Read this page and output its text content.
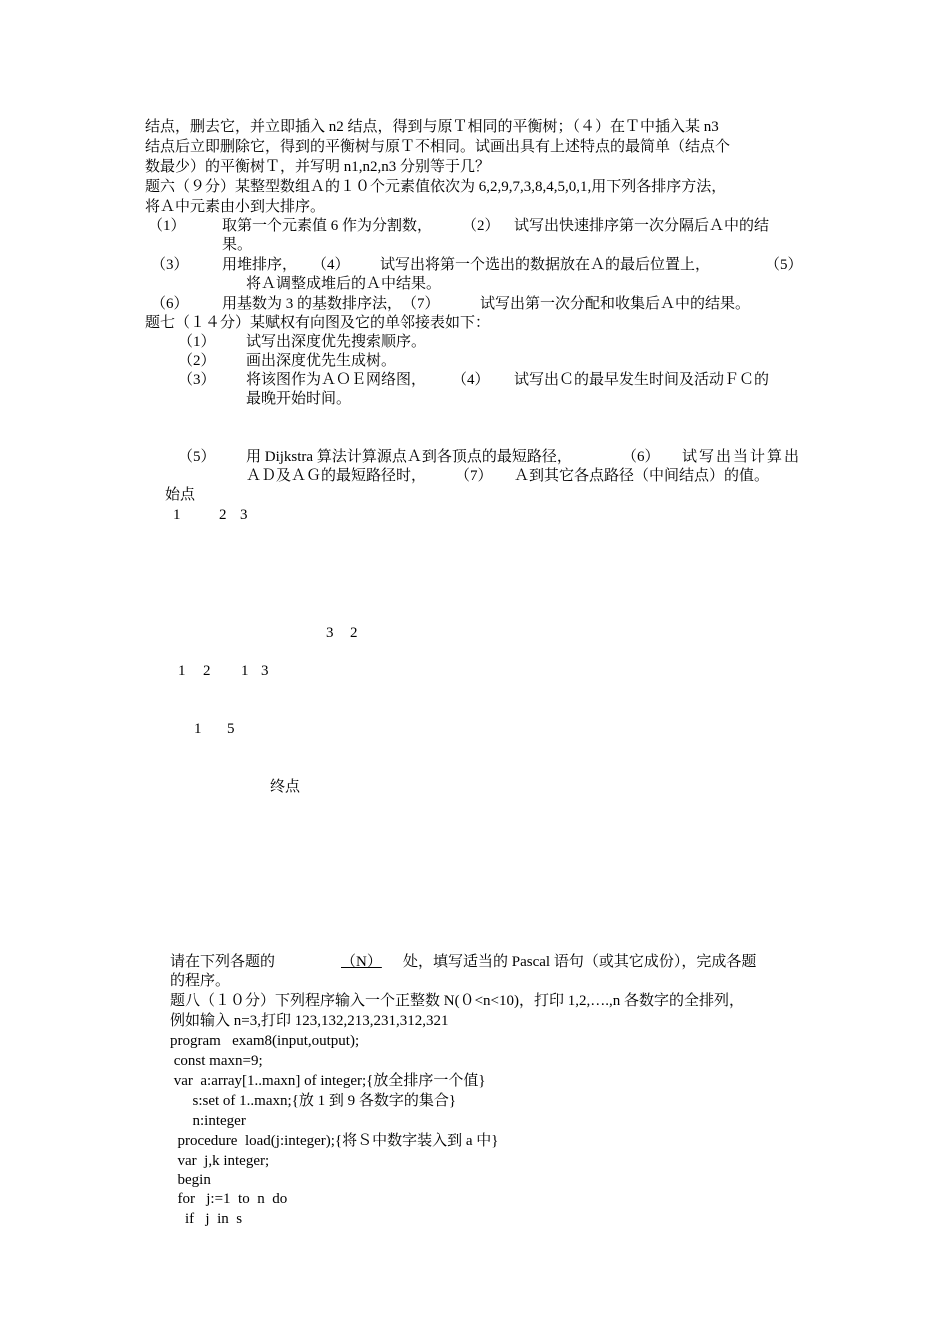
结点，删去它，并立即插入 n2 结点，得到与原Ｔ相同的平衡树；（４）在Ｔ中插入某 n3
结点后立即删除它，得到的平衡树与原Ｔ不相同。试画出具有上述特点的最简单（结点个
数最少）的平衡树Ｔ，并写明 n1,n2,n3 分别等于几？
题六（９分）某整型数组Ａ的１０个元素值依次为 6,2,9,7,3,8,4,5,0,1,用下列各排序方法，
将Ａ中元素由小到大排序。
（1） 取第一个元素值 6 作为分割数， （2） 试写出快速排序第一次分隔后Ａ中的结
果。
（3） 用堆排序， （4） 试写出将第一个选出的数据放在Ａ的最后位置上，	（5）
将Ａ调整成堆后的Ａ中结果。
（6） 用基数为 3 的基数排序法， （7）	试写出第一次分配和收集后Ａ中的结果。
题七（１４分）某赋权有向图及它的单邻接表如下：
（1） 试写出深度优先搜索顺序。
（2） 画出深度优先生成树。
（3） 将该图作为ＡＯＥ网络图， （4） 试写出Ｃ的最早发生时间及活动ＦＣ的
最晚开始时间。
（5） 用 Dijkstra 算法计算源点Ａ到各顶点的最短路径，	（6） 试写出当计算出
ＡＤ及ＡＧ的最短路径时， （7） Ａ到其它各点路径（中间结点）的值。
始点
1	2 3
3 2
1 2 1 3
1 5
终点
请在下列各题的	（N）	处，填写适当的 Pascal 语句（或其它成份），完成各题
的程序。
题八（１０分）下列程序输入一个正整数 N(０<n<10)，打印 1,2,….,n 各数字的全排列，
例如输入 n=3,打印 123,132,213,231,312,321
program   exam8(input,output);
const maxn=9;
var  a:array[1..maxn] of integer;{放全排序一个值}
s:set of 1..maxn;{放 1 到 9 各数字的集合}
n:integer
procedure  load(j:integer);{将Ｓ中数字装入到 a 中}
var  j,k integer;
begin
for   j:=1  to  n  do
if   j  in  s
